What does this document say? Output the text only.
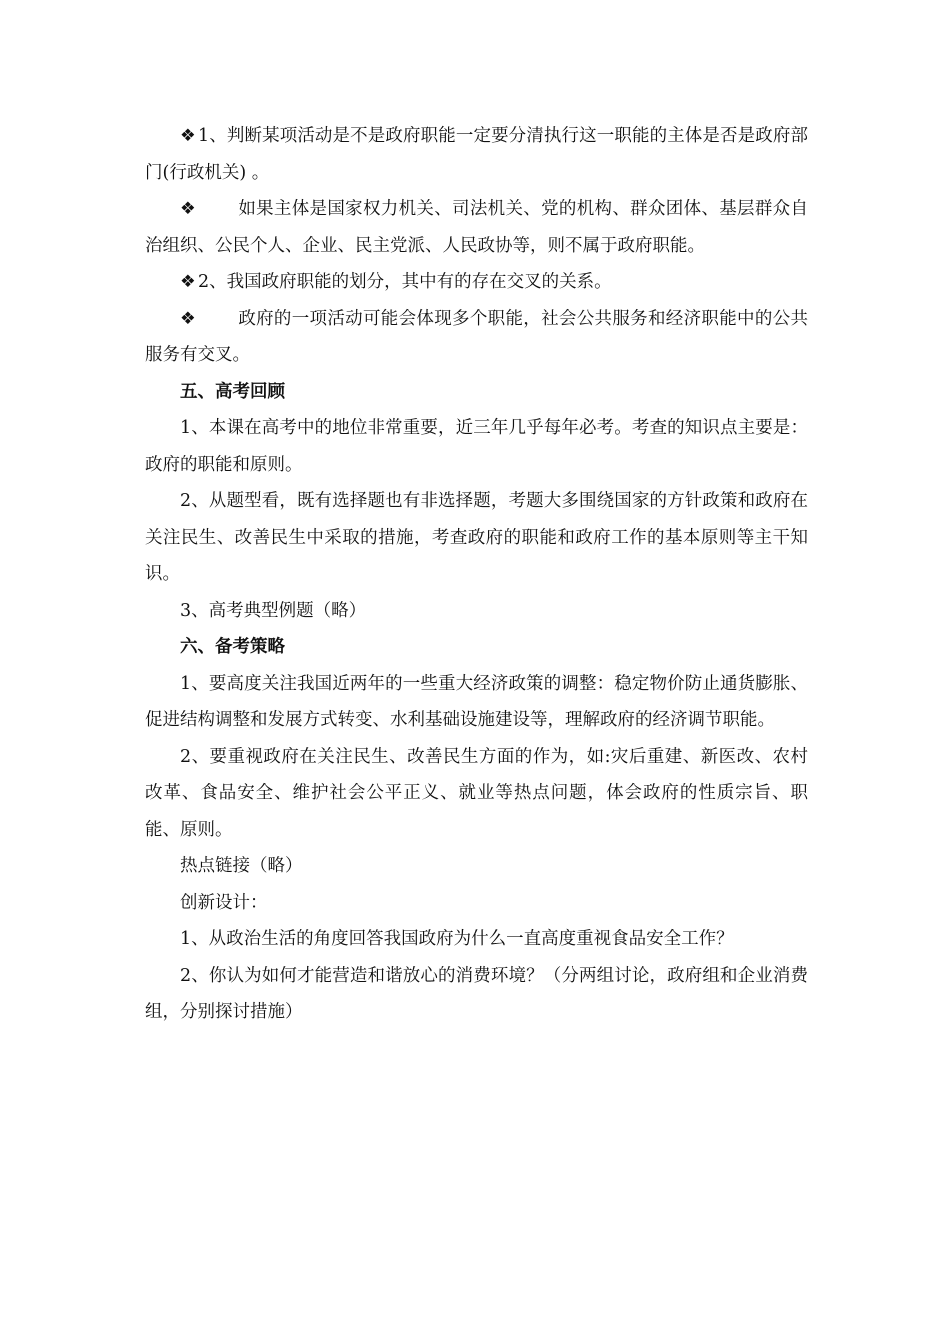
❖ 1、判断某项活动是不是政府职能一定要分清执行这一职能的主体是否是政府部门(行政机关) 。

❖ 如果主体是国家权力机关、司法机关、党的机构、群众团体、基层群众自治组织、公民个人、企业、民主党派、人民政协等，则不属于政府职能。

❖ 2、我国政府职能的划分，其中有的存在交叉的关系。

❖ 政府的一项活动可能会体现多个职能，社会公共服务和经济职能中的公共服务有交叉。

五、高考回顾

1、本课在高考中的地位非常重要，近三年几乎每年必考。考查的知识点主要是：政府的职能和原则。

2、从题型看，既有选择题也有非选择题，考题大多围绕国家的方针政策和政府在关注民生、改善民生中采取的措施，考查政府的职能和政府工作的基本原则等主干知识。

3、高考典型例题（略）

六、备考策略

1、要高度关注我国近两年的一些重大经济政策的调整：稳定物价防止通货膨胀、促进结构调整和发展方式转变、水利基础设施建设等，理解政府的经济调节职能。

2、要重视政府在关注民生、改善民生方面的作为，如:灾后重建、新医改、农村改革、食品安全、维护社会公平正义、就业等热点问题，体会政府的性质宗旨、职能、原则。

热点链接（略）

创新设计：

1、从政治生活的角度回答我国政府为什么一直高度重视食品安全工作？

2、你认为如何才能营造和谐放心的消费环境？（分两组讨论，政府组和企业消费组，分别探讨措施）
